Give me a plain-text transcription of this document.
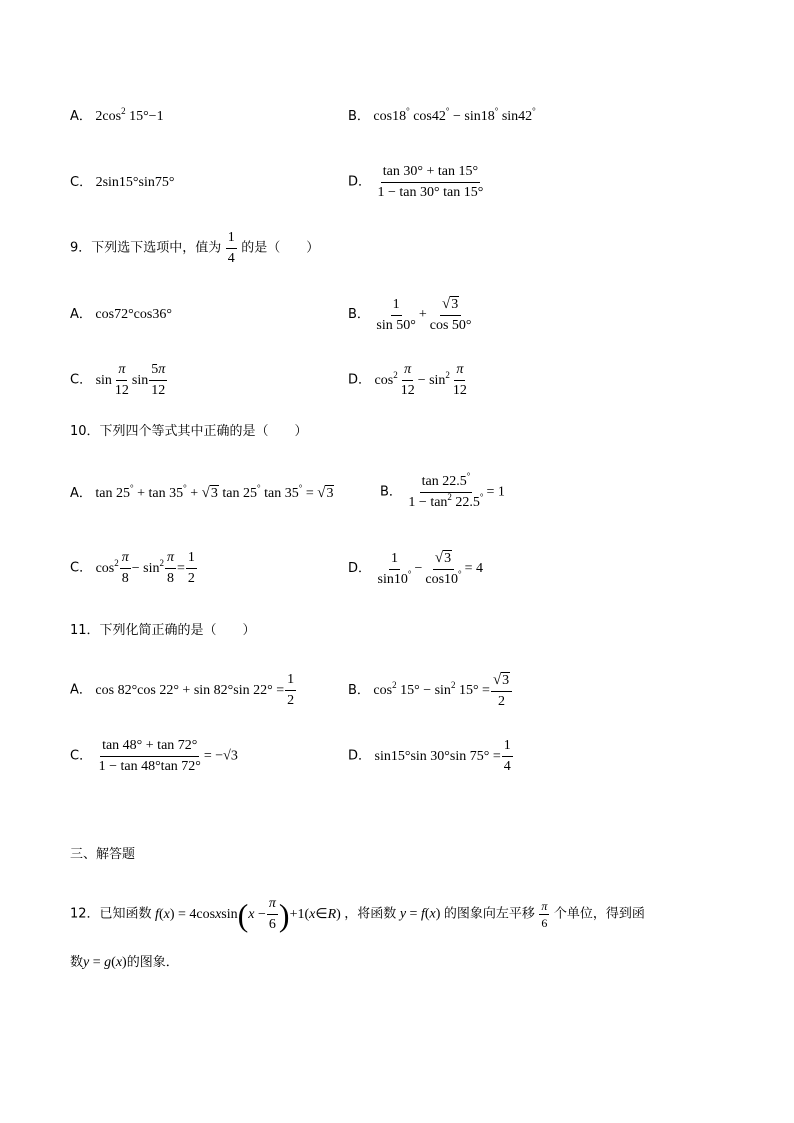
A． $2\cos^2$ 15°−1	B． cos18° cos42° − sin18° sin42°
C． 2sin15°sin75°	D． $\frac{\tan 30^\circ + \tan 15^\circ}{1 - \tan 30^\circ \tan 15^\circ}$
9．下列选下选项中，值为 $\frac{1}{4}$ 的是（　　）
A． cos72°cos36°	B． $\frac{1}{\sin 50^\circ} + \frac{√3}{\cos 50^\circ}$
C． $\sin \frac{\pi}{12}$ $\sin \frac{5\pi}{12}$	D． $\cos^2 \frac{\pi}{12} - \sin^2 \frac{\pi}{12}$
10．下列四个等式其中正确的是（　　）
A． tan 25° + tan 35° + √3 tan 25° tan 35° = √3	B． $\frac{\tan 22.5^\circ}{1 - \tan^2 22.5^\circ} = 1$
C． $\cos^2 \frac{\pi}{8} - \sin^2 \frac{\pi}{8} = \frac{1}{2}$	D． $\frac{1}{\sin 10^\circ} - \frac{√3}{\cos 10^\circ} = 4$
11．下列化简正确的是（　　）
A． cos 82°cos 22° + sin 82°sin $22^\circ = \frac{1}{2}$	B． $\cos^2 15^\circ - \sin^2 15^\circ = \frac{√3}{2}$
C． $\frac{\tan 48^\circ + \tan 72^\circ}{1 - \tan 48^\circ\tan 72^\circ} = -√3$	D． sin15°sin 30°sin $75^\circ = \frac{1}{4}$
三、解答题
12．已知函数 f(x) = 4cosxsin(x − $\frac{\pi}{6}$ )+1(x∈R) ，将函数 y = f(x) 的图象向左平移 $\frac{\pi}{6}$ 个单位，得到函
数y = g(x)的图象．
